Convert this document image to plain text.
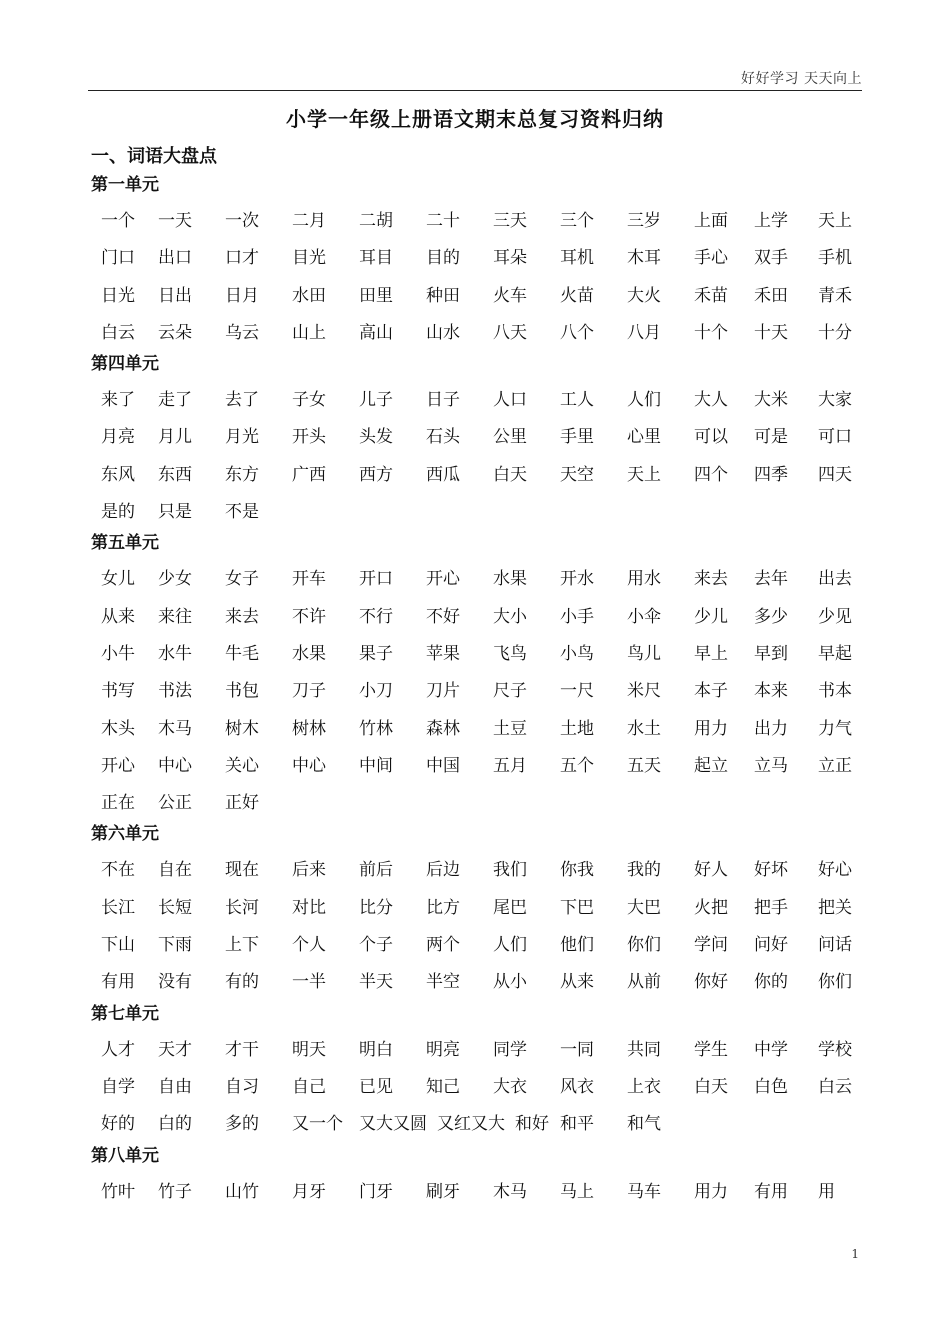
好好学习 天天向上
小学一年级上册语文期末总复习资料归纳
一、词语大盘点
第一单元
一个 一天 一次 二月 二胡 二十 三天 三个 三岁 上面 上学 天上
门口 出口 口才 目光 耳目 目的 耳朵 耳机 木耳 手心 双手 手机
日光 日出 日月 水田 田里 种田 火车 火苗 大火 禾苗 禾田 青禾
白云 云朵 乌云 山上 高山 山水 八天 八个 八月 十个 十天 十分
第四单元
来了 走了 去了 子女 儿子 日子 人口 工人 人们 大人 大米 大家
月亮 月儿 月光 开头 头发 石头 公里 手里 心里 可以 可是 可口
东风 东西 东方 广西 西方 西瓜 白天 天空 天上 四个 四季 四天
是的 只是 不是
第五单元
女儿 少女 女子 开车 开口 开心 水果 开水 用水 来去 去年 出去
从来 来往 来去 不许 不行 不好 大小 小手 小伞 少儿 多少 少见
小牛 水牛 牛毛 水果 果子 苹果 飞鸟 小鸟 鸟儿 早上 早到 早起
书写 书法 书包 刀子 小刀 刀片 尺子 一尺 米尺 本子 本来 书本
木头 木马 树木 树林 竹林 森林 土豆 土地 水土 用力 出力 力气
开心 中心 关心 中心 中间 中国 五月 五个 五天 起立 立马 立正
正在 公正 正好
第六单元
不在 自在 现在 后来 前后 后边 我们 你我 我的 好人 好坏 好心
长江 长短 长河 对比 比分 比方 尾巴 下巴 大巴 火把 把手 把关
下山 下雨 上下 个人 个子 两个 人们 他们 你们 学问 问好 问话
有用 没有 有的 一半 半天 半空 从小 从来 从前 你好 你的 你们
第七单元
人才 天才 才干 明天 明白 明亮 同学 一同 共同 学生 中学 学校
自学 自由 自习 自己 已见 知己 大衣 风衣 上衣 白天 白色 白云
好的 白的 多的 又一个 又大又圆 又红又大 和好 和平 和气
第八单元
竹叶 竹子 山竹 月牙 门牙 刷牙 木马 马上 马车 用力 有用 用
1
